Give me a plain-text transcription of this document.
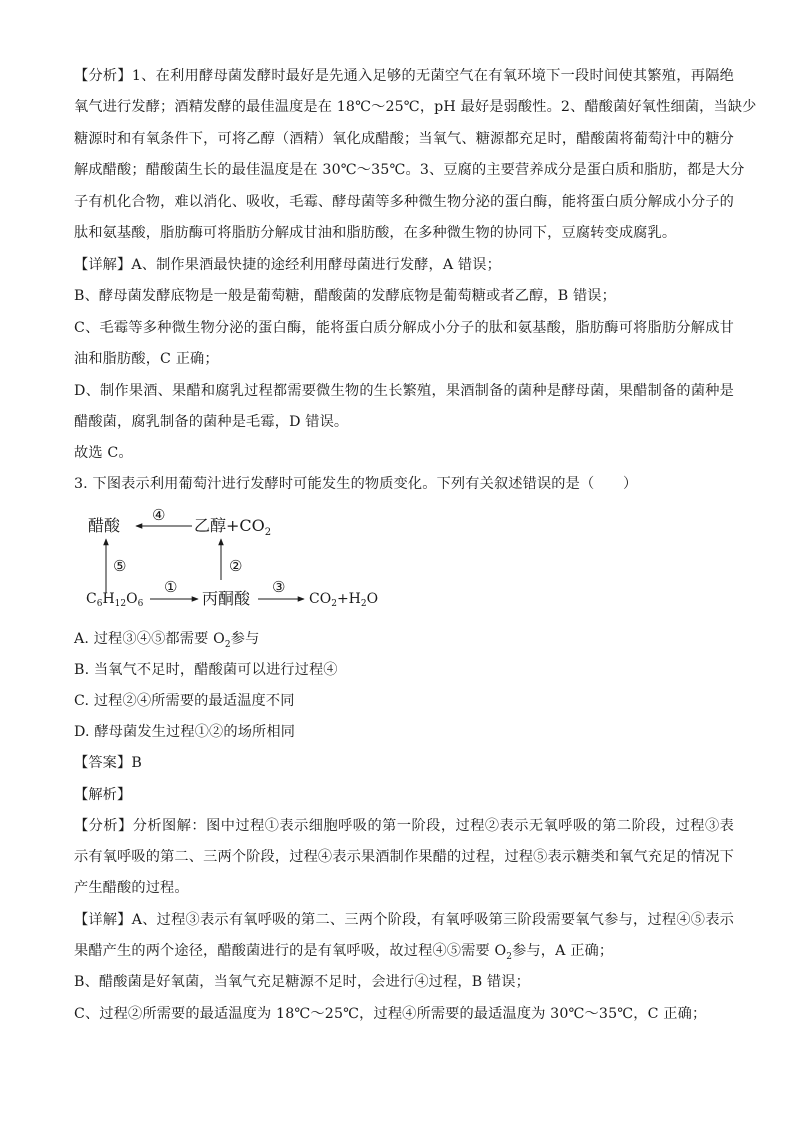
【分析】1、在利用酵母菌发酵时最好是先通入足够的无菌空气在有氧环境下一段时间使其繁殖，再隔绝
氧气进行发酵；酒精发酵的最佳温度是在 18℃～25℃，pH 最好是弱酸性。2、醋酸菌好氧性细菌，当缺少
糖源时和有氧条件下，可将乙醇（酒精）氧化成醋酸；当氧气、糖源都充足时，醋酸菌将葡萄汁中的糖分
解成醋酸；醋酸菌生长的最佳温度是在 30℃～35℃。3、豆腐的主要营养成分是蛋白质和脂肪，都是大分
子有机化合物，难以消化、吸收，毛霉、酵母菌等多种微生物分泌的蛋白酶，能将蛋白质分解成小分子的
肽和氨基酸，脂肪酶可将脂肪分解成甘油和脂肪酸，在多种微生物的协同下，豆腐转变成腐乳。
【详解】A、制作果酒最快捷的途经利用酵母菌进行发酵，A 错误；
B、酵母菌发酵底物是一般是葡萄糖，醋酸菌的发酵底物是葡萄糖或者乙醇，B 错误；
C、毛霉等多种微生物分泌的蛋白酶，能将蛋白质分解成小分子的肽和氨基酸，脂肪酶可将脂肪分解成甘
油和脂肪酸，C 正确；
D、制作果酒、果醋和腐乳过程都需要微生物的生长繁殖，果酒制备的菌种是酵母菌，果醋制备的菌种是
醋酸菌，腐乳制备的菌种是毛霉，D 错误。
故选 C。
3. 下图表示利用葡萄汁进行发酵时可能发生的物质变化。下列有关叙述错误的是（　　）
醋酸
④
乙醇$+CO_2$
⑤	②
$C_6H_{12}O_6$
①
丙酮酸
③
$CO_2+H_2O$
A. 过程③④⑤都需要 $O_2$参与
B. 当氧气不足时，醋酸菌可以进行过程④
C. 过程②④所需要的最适温度不同
D. 酵母菌发生过程①②的场所相同
【答案】B
【解析】
【分析】分析图解：图中过程①表示细胞呼吸的第一阶段，过程②表示无氧呼吸的第二阶段，过程③表
示有氧呼吸的第二、三两个阶段，过程④表示果酒制作果醋的过程，过程⑤表示糖类和氧气充足的情况下
产生醋酸的过程。
【详解】A、过程③表示有氧呼吸的第二、三两个阶段，有氧呼吸第三阶段需要氧气参与，过程④⑤表示
果醋产生的两个途径，醋酸菌进行的是有氧呼吸，故过程④⑤需要 $O_2$参与，A 正确；
B、醋酸菌是好氧菌，当氧气充足糖源不足时，会进行④过程，B 错误；
C、过程②所需要的最适温度为 18℃～25℃，过程④所需要的最适温度为 30℃～35℃，C 正确；
